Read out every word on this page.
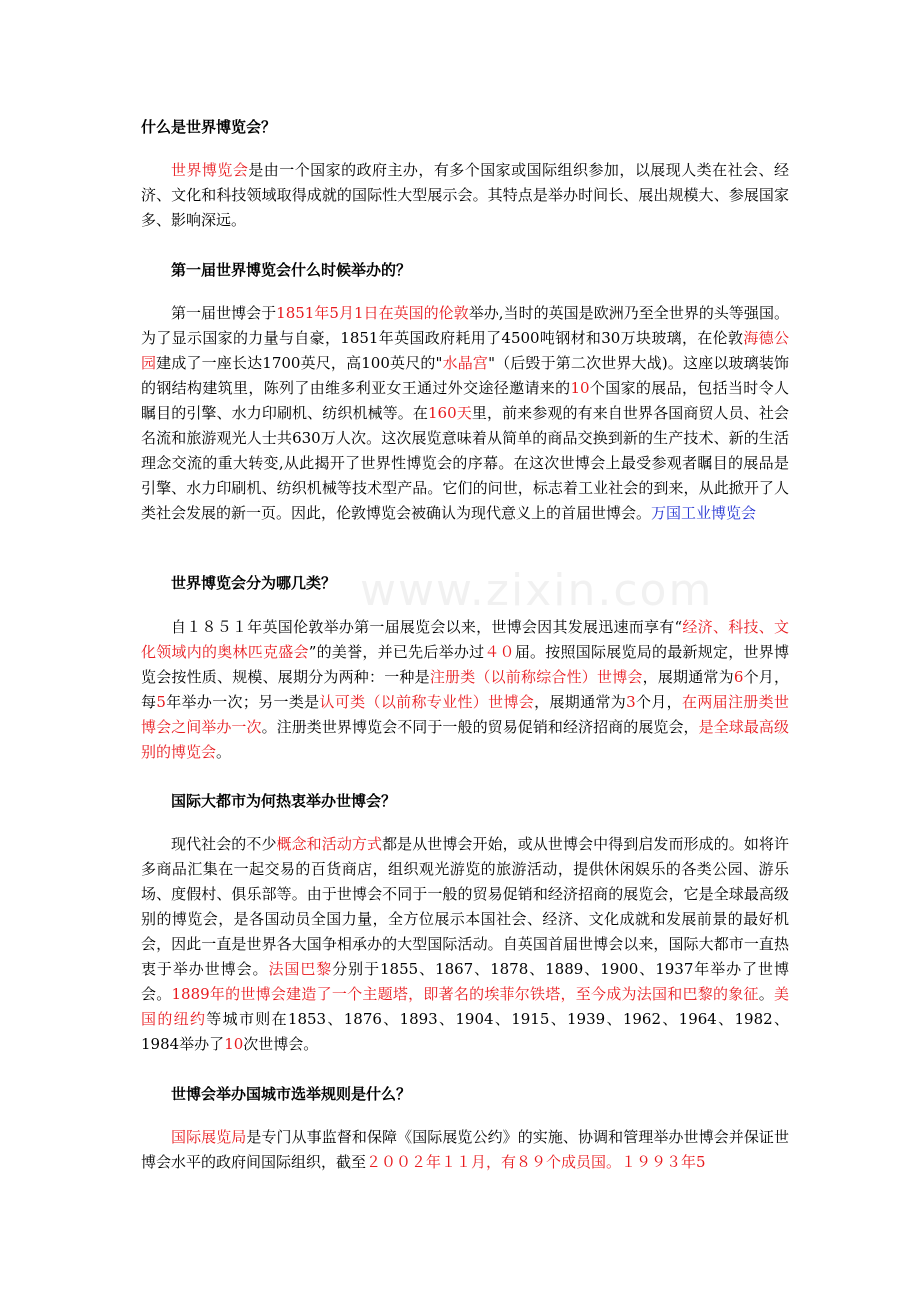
www.zixin.com
什么是世界博览会？

世界博览会是由一个国家的政府主办，有多个国家或国际组织参加，以展现人类在社会、经济、文化和科技领域取得成就的国际性大型展示会。其特点是举办时间长、展出规模大、参展国家多、影响深远。

第一届世界博览会什么时候举办的？

第一届世博会于1851年5月1日在英国的伦敦举办,当时的英国是欧洲乃至全世界的头等强国。为了显示国家的力量与自豪，1851年英国政府耗用了4500吨钢材和30万块玻璃，在伦敦海德公园建成了一座长达1700英尺，高100英尺的"水晶宫"（后毁于第二次世界大战)。这座以玻璃装饰的钢结构建筑里，陈列了由维多利亚女王通过外交途径邀请来的10个国家的展品，包括当时令人瞩目的引擎、水力印刷机、纺织机械等。在160天里，前来参观的有来自世界各国商贸人员、社会名流和旅游观光人士共630万人次。这次展览意味着从简单的商品交换到新的生产技术、新的生活理念交流的重大转变,从此揭开了世界性博览会的序幕。在这次世博会上最受参观者瞩目的展品是引擎、水力印刷机、纺织机械等技术型产品。它们的问世，标志着工业社会的到来，从此掀开了人类社会发展的新一页。因此，伦敦博览会被确认为现代意义上的首届世博会。万国工业博览会

世界博览会分为哪几类？

自１８５１年英国伦敦举办第一届展览会以来，世博会因其发展迅速而享有“经济、科技、文化领域内的奥林匹克盛会”的美誉，并已先后举办过４０届。按照国际展览局的最新规定，世界博览会按性质、规模、展期分为两种：一种是注册类（以前称综合性）世博会，展期通常为6个月，每5年举办一次；另一类是认可类（以前称专业性）世博会，展期通常为3个月，在两届注册类世博会之间举办一次。注册类世界博览会不同于一般的贸易促销和经济招商的展览会，是全球最高级别的博览会。

国际大都市为何热衷举办世博会？

现代社会的不少概念和活动方式都是从世博会开始，或从世博会中得到启发而形成的。如将许多商品汇集在一起交易的百货商店，组织观光游览的旅游活动，提供休闲娱乐的各类公园、游乐场、度假村、俱乐部等。由于世博会不同于一般的贸易促销和经济招商的展览会，它是全球最高级别的博览会，是各国动员全国力量，全方位展示本国社会、经济、文化成就和发展前景的最好机会，因此一直是世界各大国争相承办的大型国际活动。自英国首届世博会以来，国际大都市一直热衷于举办世博会。法国巴黎分别于1855、1867、1878、1889、1900、1937年举办了世博会。1889年的世博会建造了一个主题塔，即著名的埃菲尔铁塔，至今成为法国和巴黎的象征。美国的纽约等城市则在1853、1876、1893、1904、1915、1939、1962、1964、1982、1984举办了10次世博会。

世博会举办国城市选举规则是什么？

国际展览局是专门从事监督和保障《国际展览公约》的实施、协调和管理举办世博会并保证世博会水平的政府间国际组织，截至２００２年１１月，有８９个成员国。１９９３年5
